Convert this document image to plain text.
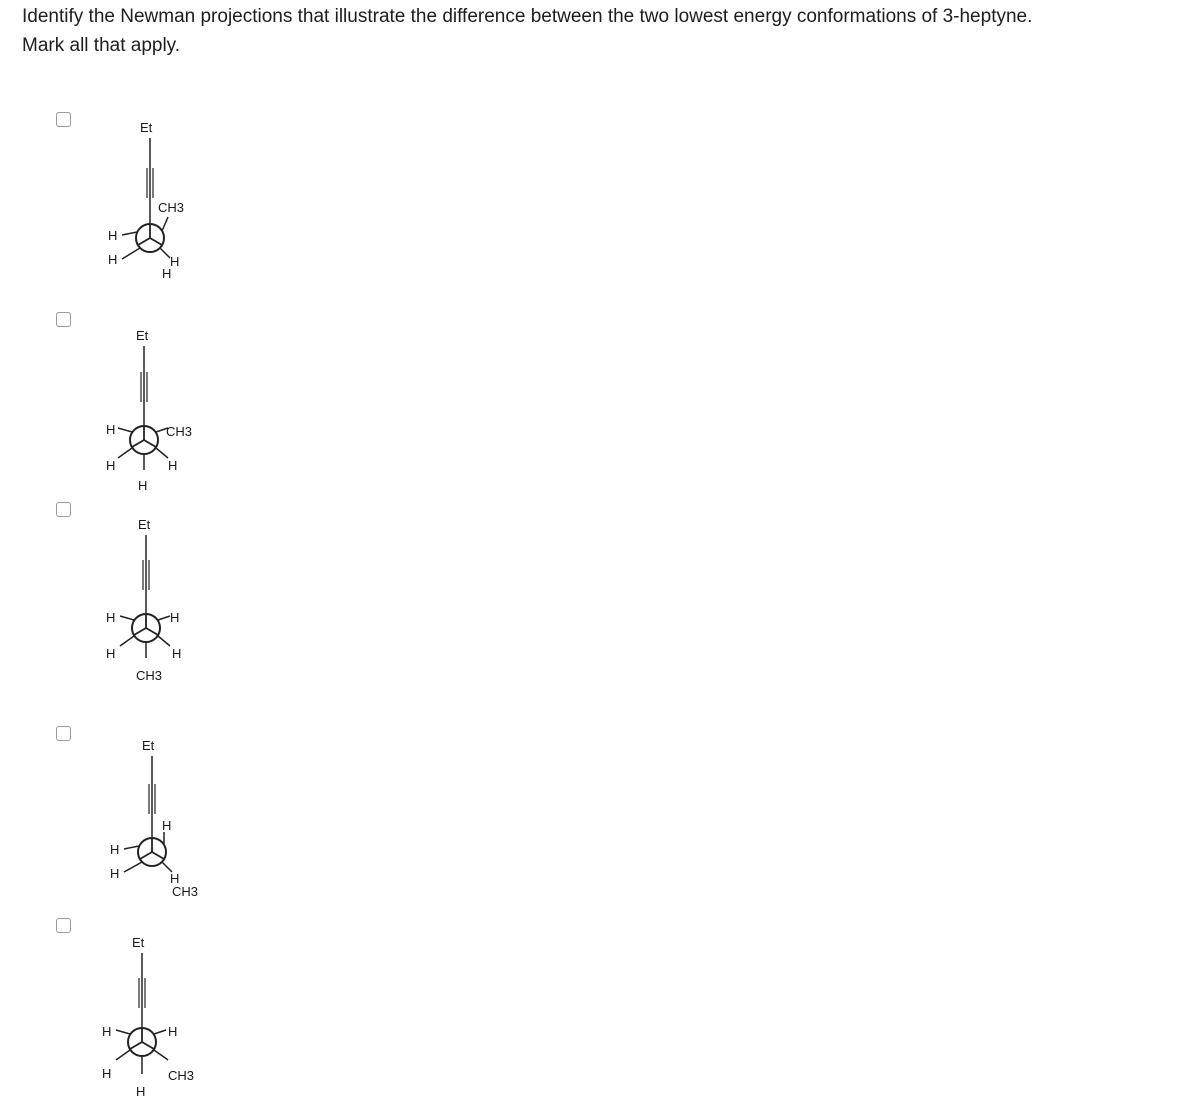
Identify the Newman projections that illustrate the difference between the two lowest energy conformations of 3-heptyne.
Mark all that apply.
Et
CH3
H
H	H
H
Et
H	CH3
H	H
H
Et
H	H
H	H
CH3
Et
H
H
H	H
CH3
Et
H	H
H	CH3
H
